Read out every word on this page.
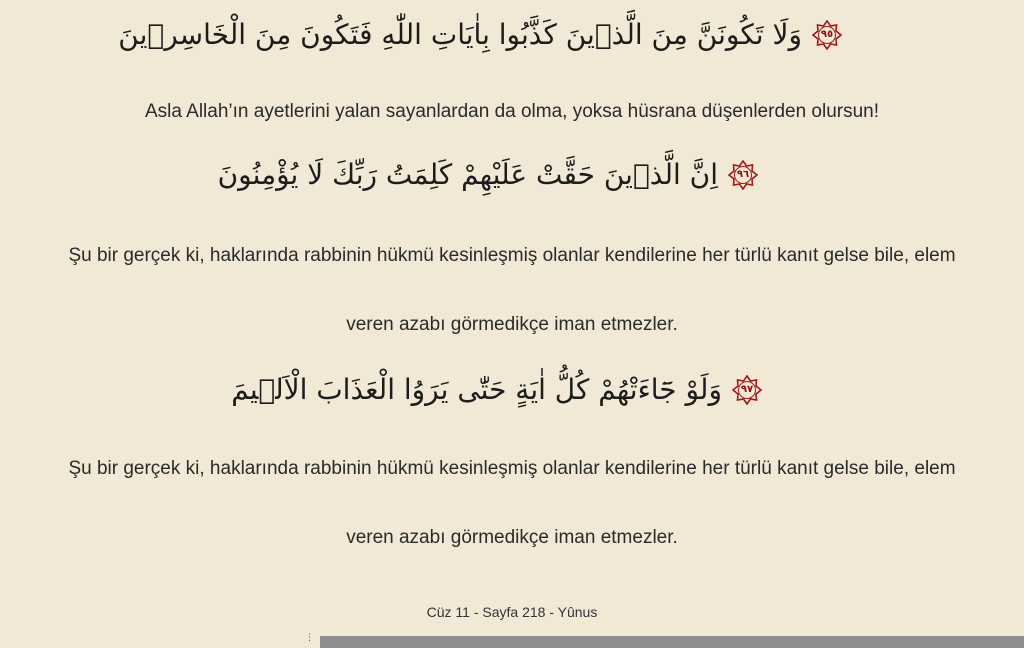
٩٥
وَلَا تَكُونَنَّ مِنَ الَّذٖينَ كَذَّبُوا بِاٰيَاتِ اللّٰهِ فَتَكُونَ مِنَ الْخَاسِرٖينَ
Asla Allah’ın ayetlerini yalan sayanlardan da olma, yoksa hüsrana düşenlerden olursun!
٩٦
اِنَّ الَّذٖينَ حَقَّتْ عَلَيْهِمْ كَلِمَتُ رَبِّكَ لَا يُؤْمِنُونَ
Şu bir gerçek ki, haklarında rabbinin hükmü kesinleşmiş olanlar kendilerine her türlü kanıt gelse bile, elem
veren azabı görmedikçe iman etmezler.
٩٧
وَلَوْ جَٓاءَتْهُمْ كُلُّ اٰيَةٍ حَتّٰى يَرَوُا الْعَذَابَ الْاَلٖيمَ
Şu bir gerçek ki, haklarında rabbinin hükmü kesinleşmiş olanlar kendilerine her türlü kanıt gelse bile, elem
veren azabı görmedikçe iman etmezler.
Cüz 11 - Sayfa 218 - Yûnus
⋮
